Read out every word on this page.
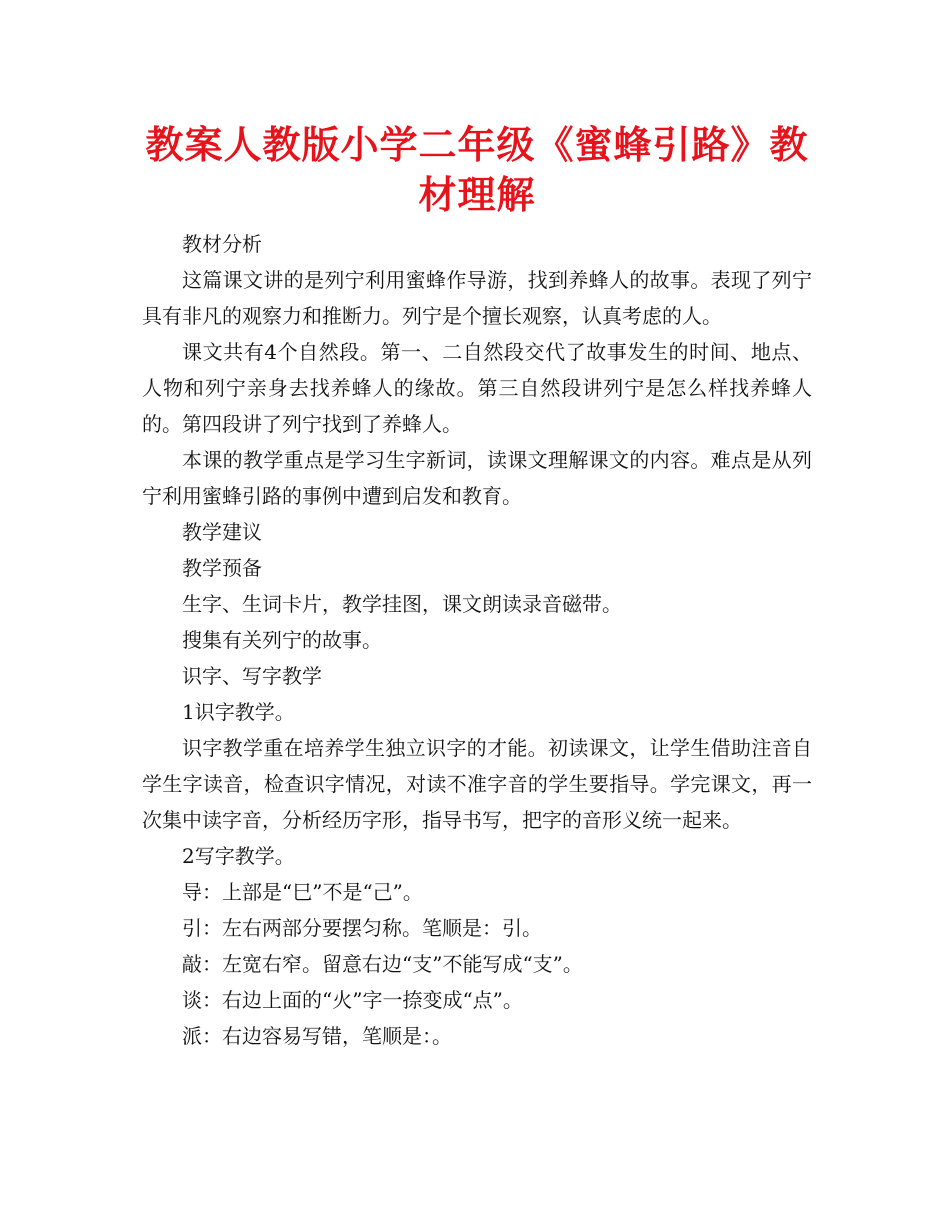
教案人教版小学二年级《蜜蜂引路》教材理解

教材分析

这篇课文讲的是列宁利用蜜蜂作导游，找到养蜂人的故事。表现了列宁具有非凡的观察力和推断力。列宁是个擅长观察，认真考虑的人。

课文共有4个自然段。第一、二自然段交代了故事发生的时间、地点、人物和列宁亲身去找养蜂人的缘故。第三自然段讲列宁是怎么样找养蜂人的。第四段讲了列宁找到了养蜂人。

本课的教学重点是学习生字新词，读课文理解课文的内容。难点是从列宁利用蜜蜂引路的事例中遭到启发和教育。

教学建议

教学预备

生字、生词卡片，教学挂图，课文朗读录音磁带。

搜集有关列宁的故事。

识字、写字教学

1识字教学。

识字教学重在培养学生独立识字的才能。初读课文，让学生借助注音自学生字读音，检查识字情况，对读不准字音的学生要指导。学完课文，再一次集中读字音，分析经历字形，指导书写，把字的音形义统一起来。

2写字教学。

导：上部是“巳”不是“己”。

引：左右两部分要摆匀称。笔顺是：引。

敲：左宽右窄。留意右边“支”不能写成“支”。

谈：右边上面的“火”字一捺变成“点”。

派：右边容易写错，笔顺是：。
